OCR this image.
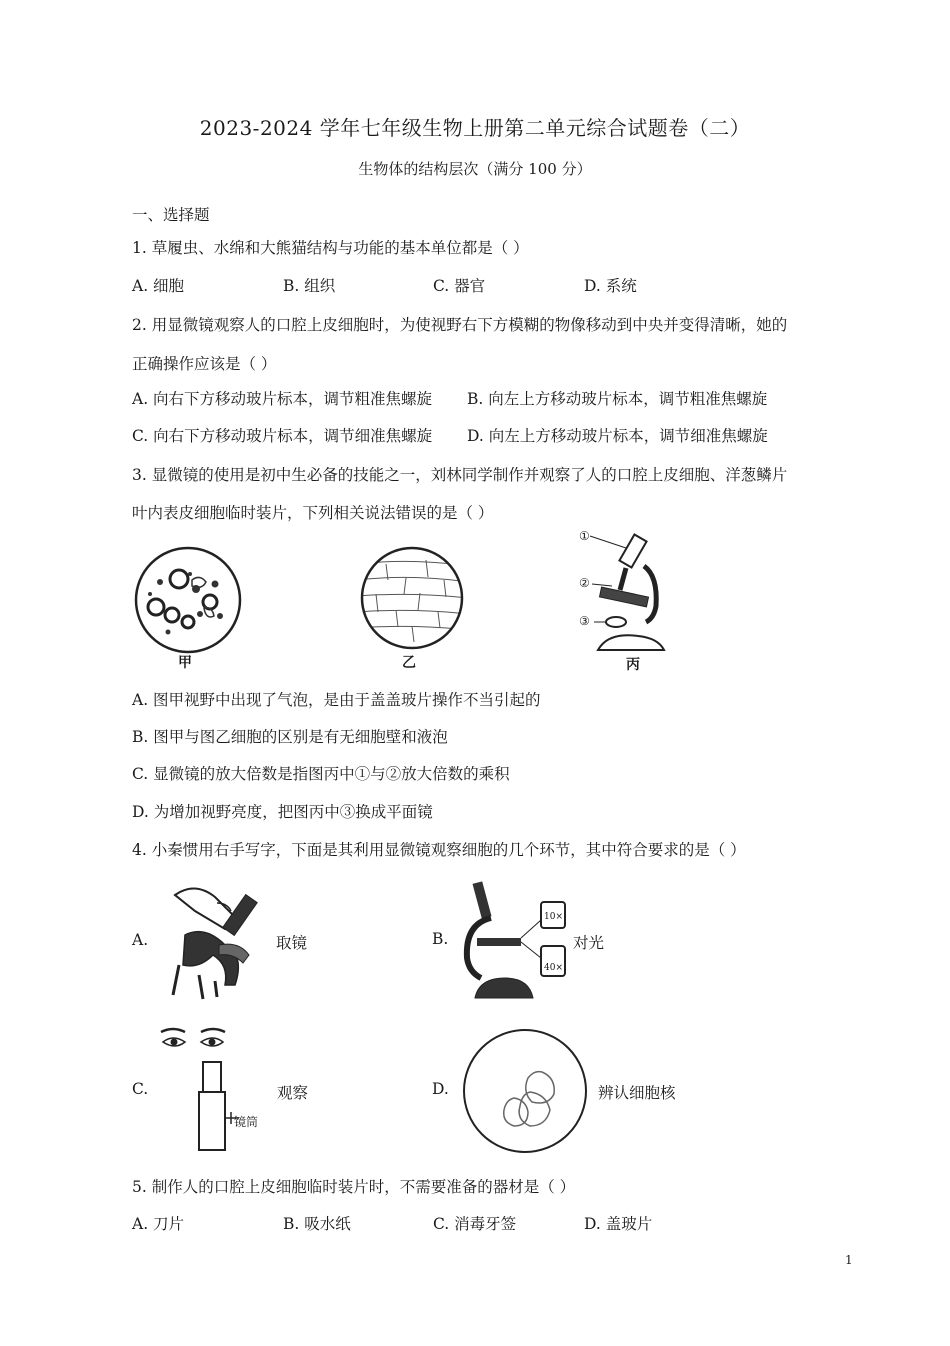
2023-2024 学年七年级生物上册第二单元综合试题卷（二）
生物体的结构层次（满分 100 分）
一、选择题
1. 草履虫、水绵和大熊猫结构与功能的基本单位都是（ ）
A. 细胞	B. 组织	C. 器官	D. 系统
2. 用显微镜观察人的口腔上皮细胞时，为使视野右下方模糊的物像移动到中央并变得清晰，她的
正确操作应该是（ ）
A. 向右下方移动玻片标本，调节粗准焦螺旋 B. 向左上方移动玻片标本，调节粗准焦螺旋
C. 向右下方移动玻片标本，调节细准焦螺旋 D. 向左上方移动玻片标本，调节细准焦螺旋
3. 显微镜的使用是初中生必备的技能之一，刘林同学制作并观察了人的口腔上皮细胞、洋葱鳞片
叶内表皮细胞临时装片，下列相关说法错误的是（ ）
甲	乙
①
②
③
丙
A. 图甲视野中出现了气泡，是由于盖盖玻片操作不当引起的
B. 图甲与图乙细胞的区别是有无细胞壁和液泡
C. 显微镜的放大倍数是指图丙中①与②放大倍数的乘积
D. 为增加视野亮度，把图丙中③换成平面镜
4. 小秦惯用右手写字，下面是其利用显微镜观察细胞的几个环节，其中符合要求的是（ ）
A.	取镜	B.
10×
40×
对光
C.
镜筒
观察	D.	辨认细胞核
5. 制作人的口腔上皮细胞临时装片时，不需要准备的器材是（ ）
A. 刀片	B. 吸水纸	C. 消毒牙签	D. 盖玻片
1
